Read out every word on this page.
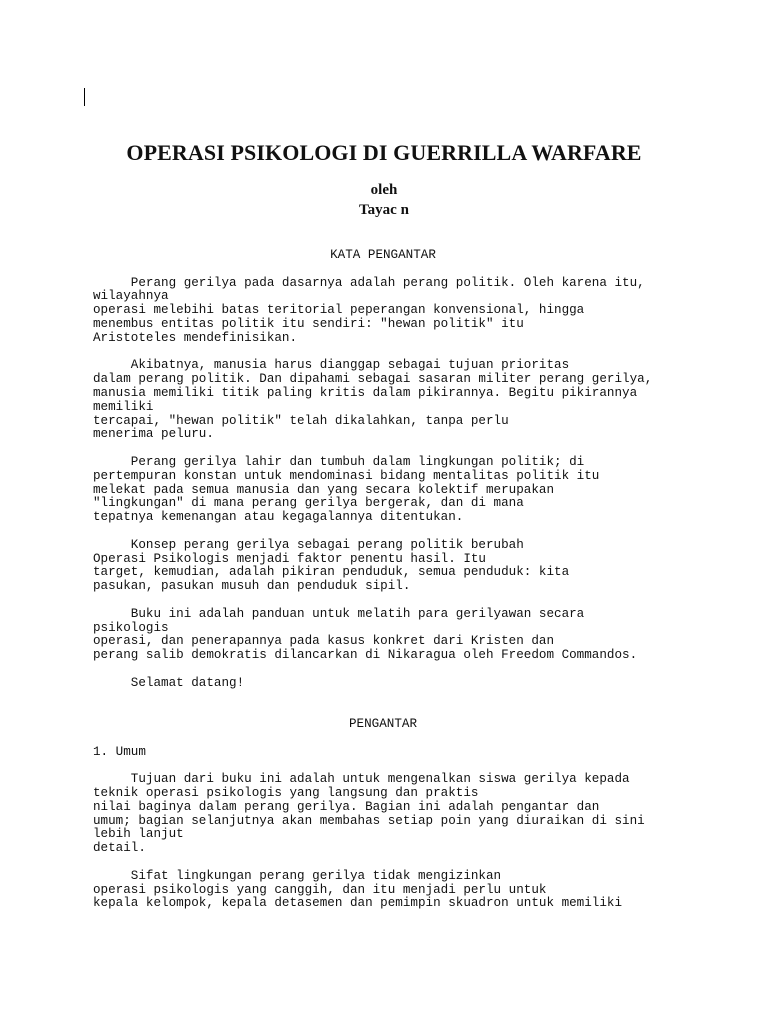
OPERASI PSIKOLOGI DI GUERRILLA WARFARE
oleh
Tayac n
KATA PENGANTAR
Perang gerilya pada dasarnya adalah perang politik. Oleh karena itu,
wilayahnya
operasi melebihi batas teritorial peperangan konvensional, hingga
menembus entitas politik itu sendiri: "hewan politik" itu
Aristoteles mendefinisikan.
Akibatnya, manusia harus dianggap sebagai tujuan prioritas
dalam perang politik. Dan dipahami sebagai sasaran militer perang gerilya,
manusia memiliki titik paling kritis dalam pikirannya. Begitu pikirannya
memiliki
tercapai, "hewan politik" telah dikalahkan, tanpa perlu
menerima peluru.
Perang gerilya lahir dan tumbuh dalam lingkungan politik; di
pertempuran konstan untuk mendominasi bidang mentalitas politik itu
melekat pada semua manusia dan yang secara kolektif merupakan
"lingkungan" di mana perang gerilya bergerak, dan di mana
tepatnya kemenangan atau kegagalannya ditentukan.
Konsep perang gerilya sebagai perang politik berubah
Operasi Psikologis menjadi faktor penentu hasil. Itu
target, kemudian, adalah pikiran penduduk, semua penduduk: kita
pasukan, pasukan musuh dan penduduk sipil.
Buku ini adalah panduan untuk melatih para gerilyawan secara
psikologis
operasi, dan penerapannya pada kasus konkret dari Kristen dan
perang salib demokratis dilancarkan di Nikaragua oleh Freedom Commandos.
Selamat datang!
PENGANTAR
1. Umum
Tujuan dari buku ini adalah untuk mengenalkan siswa gerilya kepada
teknik operasi psikologis yang langsung dan praktis
nilai baginya dalam perang gerilya. Bagian ini adalah pengantar dan
umum; bagian selanjutnya akan membahas setiap poin yang diuraikan di sini
lebih lanjut
detail.
Sifat lingkungan perang gerilya tidak mengizinkan
operasi psikologis yang canggih, dan itu menjadi perlu untuk
kepala kelompok, kepala detasemen dan pemimpin skuadron untuk memiliki
